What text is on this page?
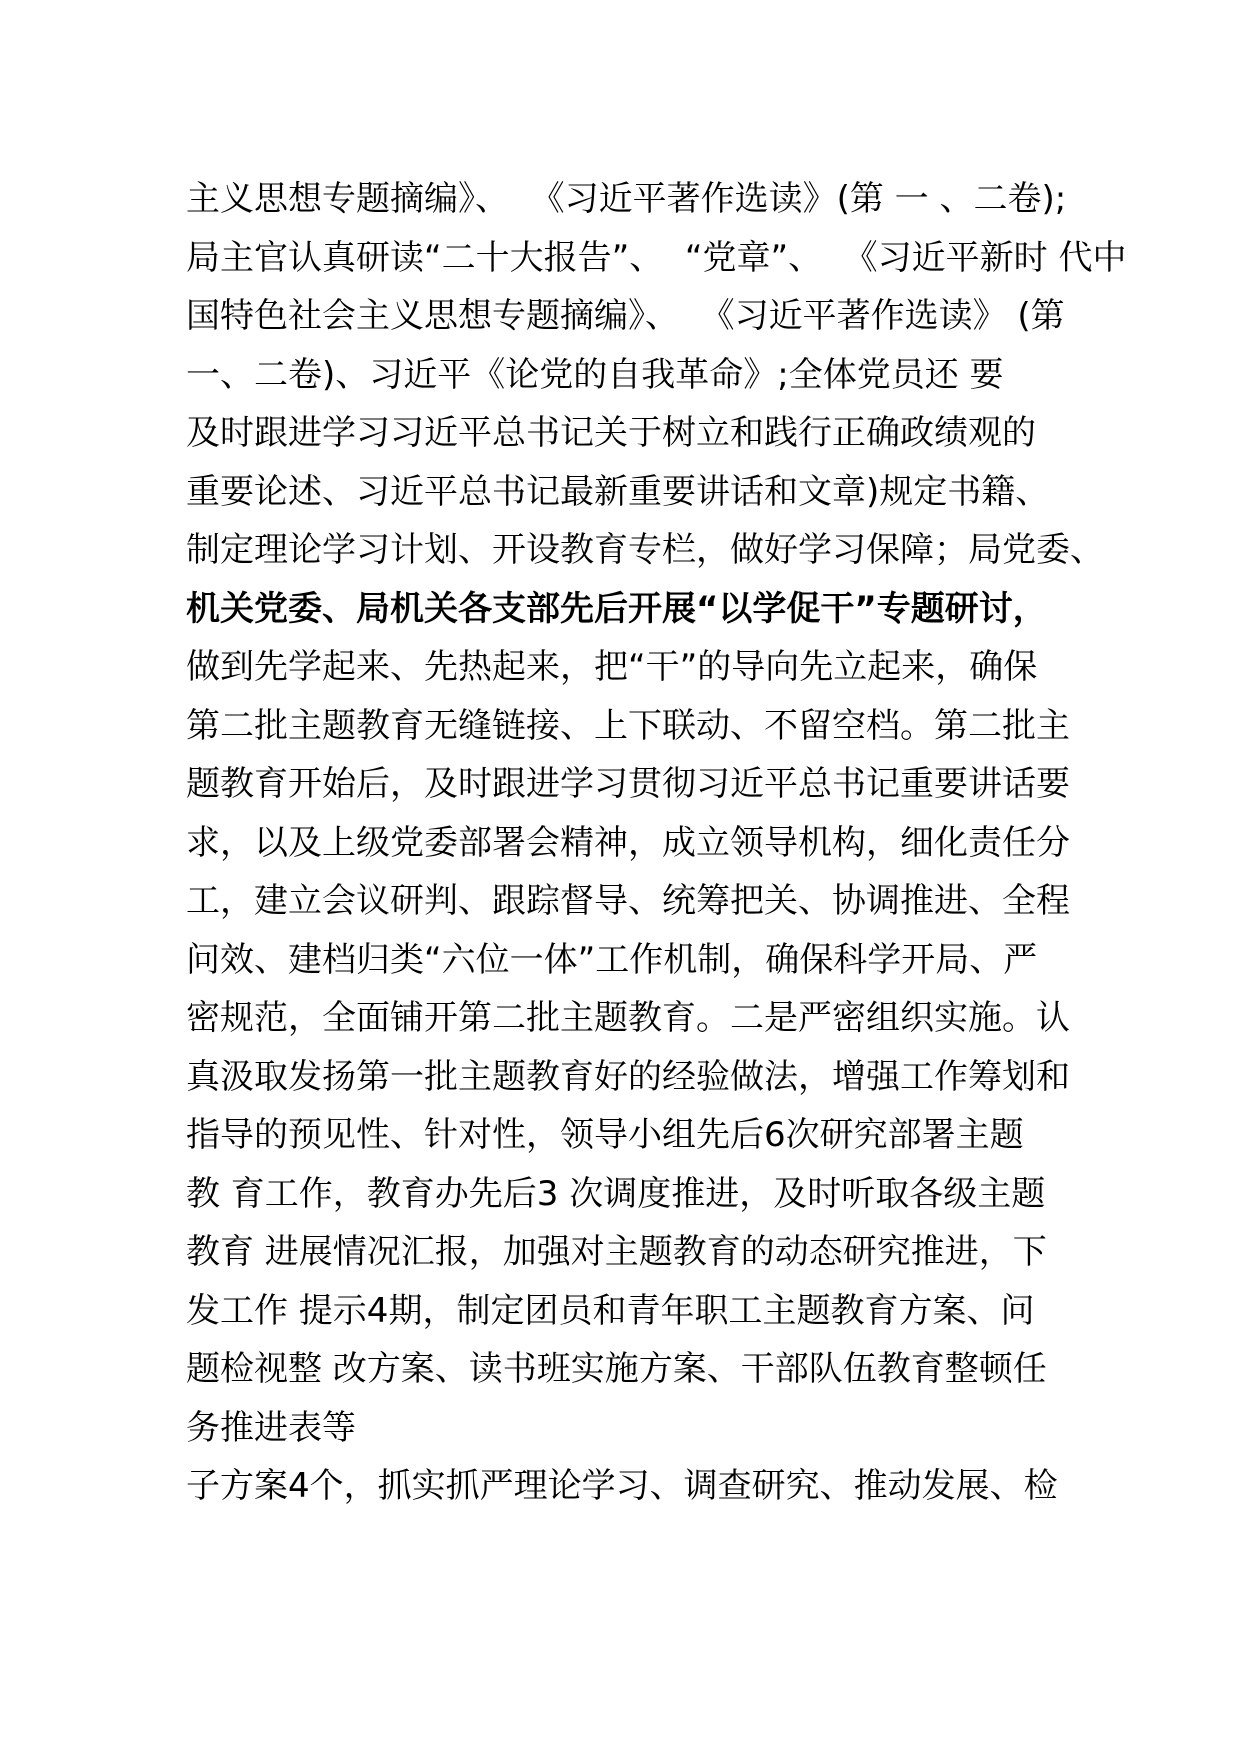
主义思想专题摘编》、  《习近平著作选读》(第 一 、二卷);
局主官认真研读“二十大报告”、  “党章”、  《习近平新时 代中
国特色社会主义思想专题摘编》、  《习近平著作选读》 (第
一、二卷)、习近平《论党的自我革命》;全体党员还 要
及时跟进学习习近平总书记关于树立和践行正确政绩观的
重要论述、习近平总书记最新重要讲话和文章)规定书籍、
制定理论学习计划、开设教育专栏，做好学习保障；局党委、
机关党委、局机关各支部先后开展“以学促干”专题研讨，
做到先学起来、先热起来，把“干”的导向先立起来，确保
第二批主题教育无缝链接、上下联动、不留空档。第二批主
题教育开始后，及时跟进学习贯彻习近平总书记重要讲话要
求，以及上级党委部署会精神，成立领导机构，细化责任分
工，建立会议研判、跟踪督导、统筹把关、协调推进、全程
问效、建档归类“六位一体”工作机制，确保科学开局、严
密规范，全面铺开第二批主题教育。二是严密组织实施。认
真汲取发扬第一批主题教育好的经验做法，增强工作筹划和
指导的预见性、针对性，领导小组先后6次研究部署主题
教 育工作，教育办先后3 次调度推进，及时听取各级主题
教育 进展情况汇报，加强对主题教育的动态研究推进，下
发工作 提示4期，制定团员和青年职工主题教育方案、问
题检视整 改方案、读书班实施方案、干部队伍教育整顿任
务推进表等
子方案4个，抓实抓严理论学习、调查研究、推动发展、检
